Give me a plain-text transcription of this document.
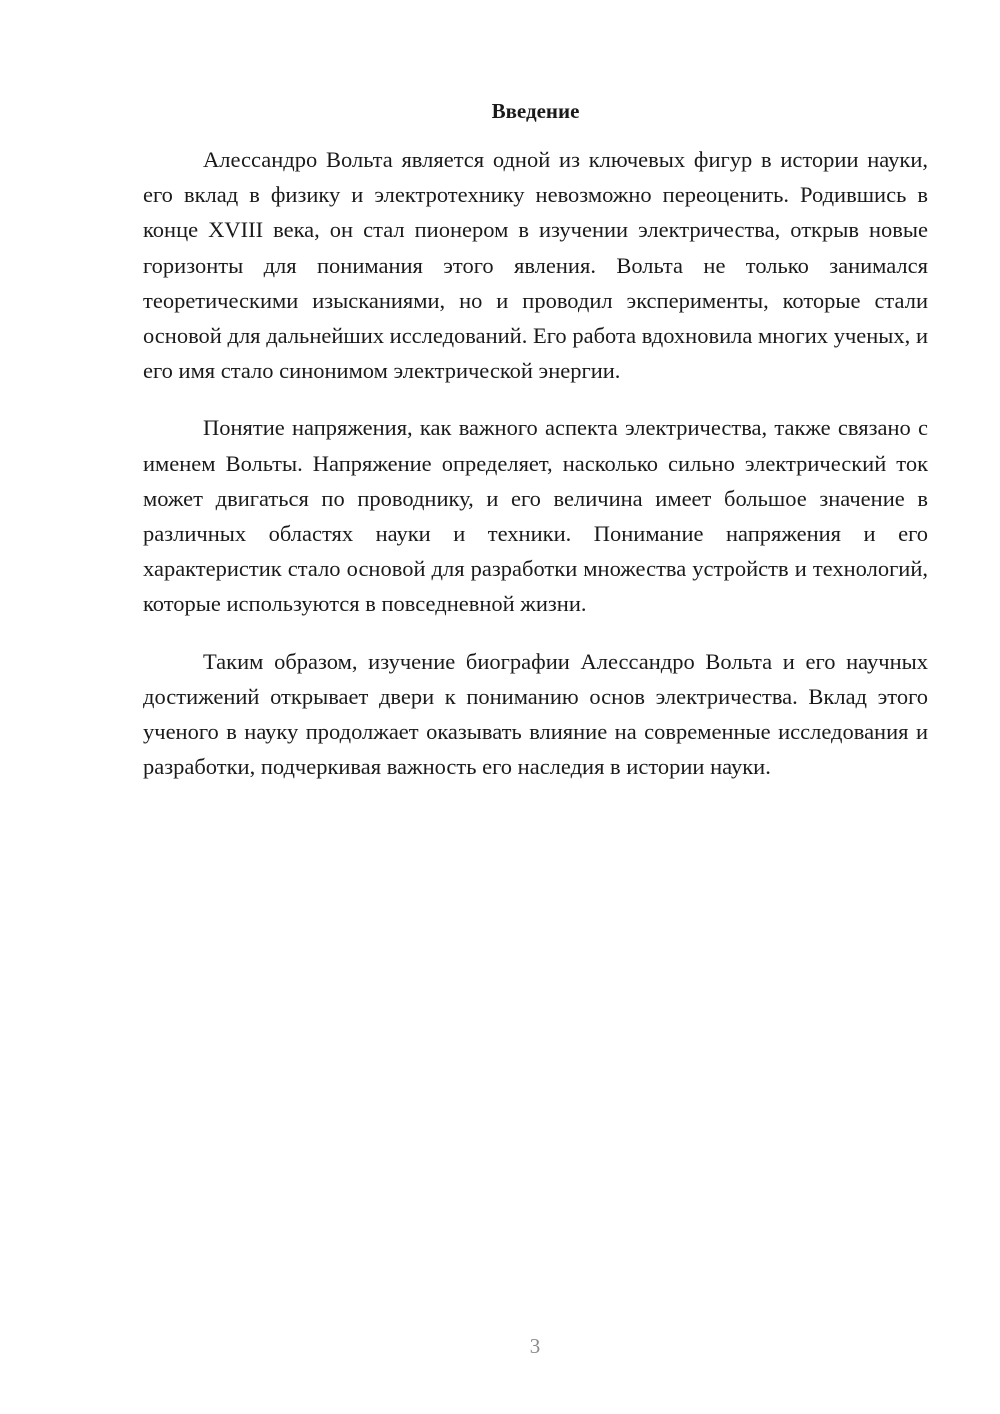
Введение

Алессандро Вольта является одной из ключевых фигур в истории науки, его вклад в физику и электротехнику невозможно переоценить. Родившись в конце XVIII века, он стал пионером в изучении электричества, открыв новые горизонты для понимания этого явления. Вольта не только занимался теоретическими изысканиями, но и проводил эксперименты, которые стали основой для дальнейших исследований. Его работа вдохновила многих ученых, и его имя стало синонимом электрической энергии.

Понятие напряжения, как важного аспекта электричества, также связано с именем Вольты. Напряжение определяет, насколько сильно электрический ток может двигаться по проводнику, и его величина имеет большое значение в различных областях науки и техники. Понимание напряжения и его характеристик стало основой для разработки множества устройств и технологий, которые используются в повседневной жизни.

Таким образом, изучение биографии Алессандро Вольта и его научных достижений открывает двери к пониманию основ электричества. Вклад этого ученого в науку продолжает оказывать влияние на современные исследования и разработки, подчеркивая важность его наследия в истории науки.

3
